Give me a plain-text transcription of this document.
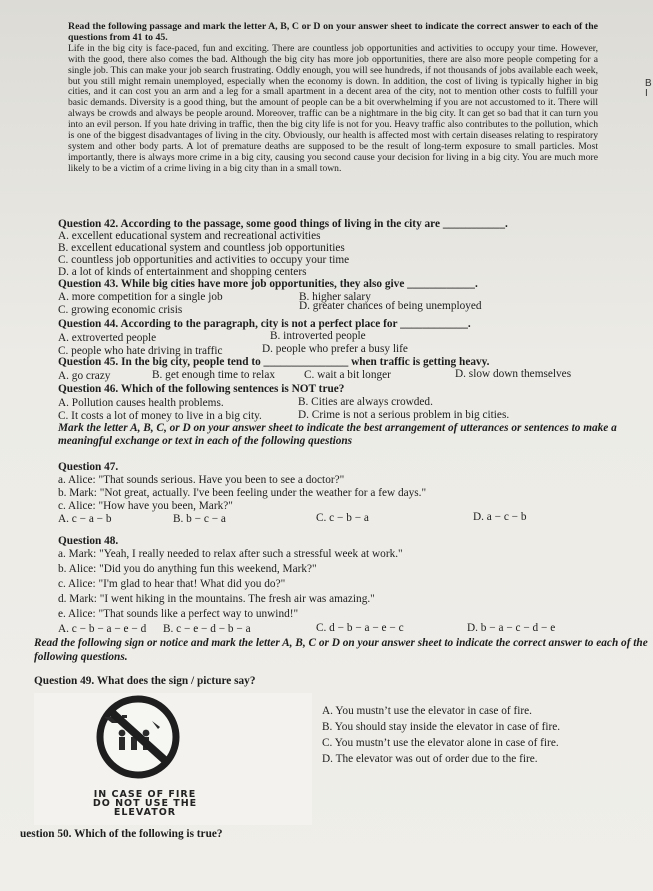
Read the following passage and mark the letter A, B, C or D on your answer sheet to indicate the correct answer to each of the questions from 41 to 45.

Life in the big city is face-paced, fun and exciting. There are countless job opportunities and activities to occupy your time. However, with the good, there also comes the bad. Although the big city has more job opportunities, there are also more people competing for a single job. This can make your job search frustrating. Oddly enough, you will see hundreds, if not thousands of jobs available each week, but you still might remain unemployed, especially when the economy is down. In addition, the cost of living is typically higher in big cities, and it can cost you an arm and a leg for a small apartment in a decent area of the city, not to mention other costs to fulfill your basic demands. Diversity is a good thing, but the amount of people can be a bit overwhelming if you are not accustomed to it. There will always be crowds and always be people around. Moreover, traffic can be a nightmare in the big city. It can get so bad that it can turn you into an evil person. If you hate driving in traffic, then the big city life is not for you. Heavy traffic also contributes to the pollution, which is one of the biggest disadvantages of living in the city. Obviously, our health is affected most with certain diseases relating to respiratory system and other body parts. A lot of premature deaths are supposed to be the result of long-term exposure to small particles. Most importantly, there is always more crime in a big city, causing you second cause your decision for living in a big city. You are much more likely to be a victim of a crime living in a big city than in a small town.

Question 42. According to the passage, some good things of living in the city are ___________.
A. excellent educational system and recreational activities
B. excellent educational system and countless job opportunities
C. countless job opportunities and activities to occupy your time
D. a lot of kinds of entertainment and shopping centers
Question 43. While big cities have more job opportunities, they also give ____________.
A. more competition for a single job	B. higher salary
C. growing economic crisis	D. greater chances of being unemployed
Question 44. According to the paragraph, city is not a perfect place for ____________.
A. extroverted people	B. introverted people
C. people who hate driving in traffic	D. people who prefer a busy life
Question 45. In the big city, people tend to _______________ when traffic is getting heavy.
A. go crazy	B. get enough time to relax	C. wait a bit longer	D. slow down themselves
Question 46. Which of the following sentences is NOT true?
A. Pollution causes health problems.	B. Cities are always crowded.
C. It costs a lot of money to live in a big city.	D. Crime is not a serious problem in big cities.
Mark the letter A, B, C, or D on your answer sheet to indicate the best arrangement of utterances or sentences to make a meaningful exchange or text in each of the following questions
Question 47.
a. Alice: "That sounds serious. Have you been to see a doctor?"
b. Mark: "Not great, actually. I've been feeling under the weather for a few days."
c. Alice: "How have you been, Mark?"
A. c − a − b	B. b − c − a	C. c − b − a	D. a − c − b
Question 48.
a. Mark: "Yeah, I really needed to relax after such a stressful week at work."
b. Alice: "Did you do anything fun this weekend, Mark?"
c. Alice: "I'm glad to hear that! What did you do?"
d. Mark: "I went hiking in the mountains. The fresh air was amazing."
e. Alice: "That sounds like a perfect way to unwind!"
A. c − b − a − e − d B. c − e − d − b − a	C. d − b − a − e − c	D. b − a − c − d − e
Read the following sign or notice and mark the letter A, B, C or D on your answer sheet to indicate the correct answer to each of the following questions.
Question 49. What does the sign / picture say?
IN CASE OF FIRE
DO NOT USE THE
ELEVATOR
A. You mustn’t use the elevator in case of fire.
B. You should stay inside the elevator in case of fire.
C. You mustn’t use the elevator alone in case of fire.
D. The elevator was out of order due to the fire.
uestion 50. Which of the following is true?
B
I
